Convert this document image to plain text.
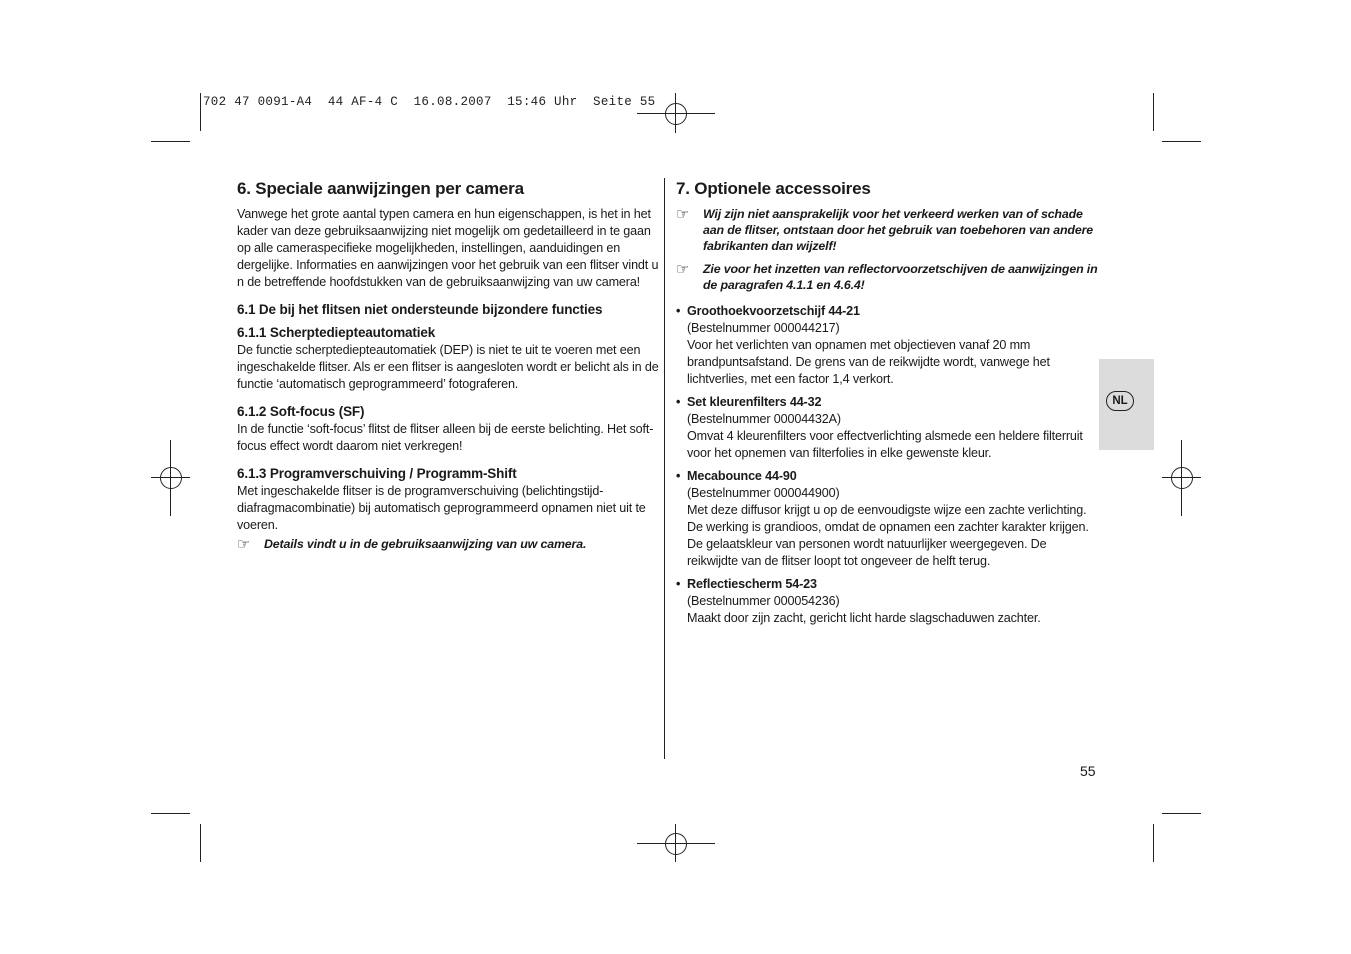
702 47 0091-A4  44 AF-4 C  16.08.2007  15:46 Uhr  Seite 55
6. Speciale aanwijzingen per camera

Vanwege het grote aantal typen camera en hun eigenschappen, is het in het kader van deze gebruiksaanwijzing niet mogelijk om gedetailleerd in te gaan op alle cameraspecifieke mogelijkheden, instellingen, aanduidingen en dergelijke. Informaties en aanwijzingen voor het gebruik van een flitser vindt u n de betreffende hoofdstukken van de gebruiksaanwijzing van uw camera!

6.1 De bij het flitsen niet ondersteunde bijzondere functies
6.1.1 Scherptediepteautomatiek

De functie scherptediepteautomatiek (DEP) is niet te uit te voeren met een ingeschakelde flitser. Als er een flitser is aangesloten wordt er belicht als in de functie ‘automatisch geprogrammeerd’ fotograferen.

6.1.2 Soft-focus (SF)

In de functie ‘soft-focus’ flitst de flitser alleen bij de eerste belichting. Het soft-focus effect wordt daarom niet verkregen!

6.1.3 Programverschuiving / Programm-Shift

Met ingeschakelde flitser is de programverschuiving (belichtingstijd-diafragmacombinatie) bij automatisch geprogrammeerd opnamen niet uit te voeren.

☞	Details vindt u in de gebruiksaanwijzing van uw camera.
7. Optionele accessoires
☞	Wij zijn niet aansprakelijk voor het verkeerd werken van of schade aan de flitser, ontstaan door het gebruik van toebehoren van andere fabrikanten dan wijzelf!
☞	Zie voor het inzetten van reflectorvoorzetschijven de aanwijzingen in de paragrafen 4.1.1 en 4.6.4!
• Groothoekvoorzetschijf 44-21
(Bestelnummer 000044217)
Voor het verlichten van opnamen met objectieven vanaf 20 mm brandpuntsafstand. De grens van de reikwijdte wordt, vanwege het lichtverlies, met een factor 1,4 verkort.
• Set kleurenfilters 44-32
(Bestelnummer 00004432A)
Omvat 4 kleurenfilters voor effectverlichting alsmede een heldere filterruit voor het opnemen van filterfolies in elke gewenste kleur.
• Mecabounce 44-90
(Bestelnummer 000044900)
Met deze diffusor krijgt u op de eenvoudigste wijze een zachte verlichting. De werking is grandioos, omdat de opnamen een zachter karakter krijgen. De gelaatskleur van personen wordt natuurlijker weergegeven. De reikwijdte van de flitser loopt tot ongeveer de helft terug.
• Reflectiescherm 54-23
(Bestelnummer 000054236)
Maakt door zijn zacht, gericht licht harde slagschaduwen zachter.
NL
55
